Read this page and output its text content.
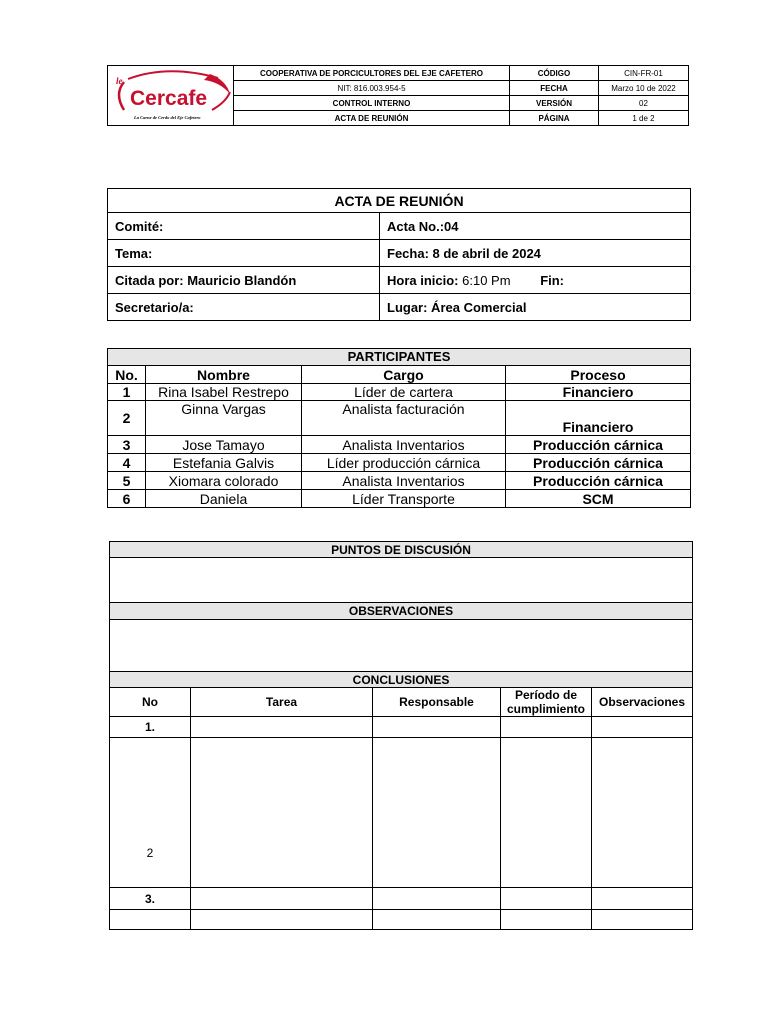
le
Cercafe
La Carne de Cerdo del Eje Cafetero	COOPERATIVA DE PORCICULTORES DEL EJE CAFETERO	CÓDIGO	CIN-FR-01
	NIT: 816.003.954-5	FECHA	Marzo 10 de 2022
	CONTROL INTERNO	VERSIÓN	02
	ACTA DE REUNIÓN	PÁGINA	1 de 2
ACTA DE REUNIÓN	
Comité:	Acta No.:04
Tema:	Fecha: 8 de abril de 2024
Citada por: Mauricio Blandón	Hora inicio: 6:10 Pm Fin:
Secretario/a:	Lugar: Área Comercial
PARTICIPANTES			
No.	Nombre	Cargo	Proceso
1	Rina Isabel Restrepo	Líder de cartera	Financiero
2	Ginna Vargas	Analista facturación	Financiero
3	Jose Tamayo	Analista Inventarios	Producción cárnica
4	Estefania Galvis	Líder producción cárnica	Producción cárnica
5	Xiomara colorado	Analista Inventarios	Producción cárnica
6	Daniela	Líder Transporte	SCM
PUNTOS DE DISCUSIÓN				

OBSERVACIONES				

CONCLUSIONES				
No	Tarea	Responsable	Período de cumplimiento	Observaciones
1.				
2				
3.				
